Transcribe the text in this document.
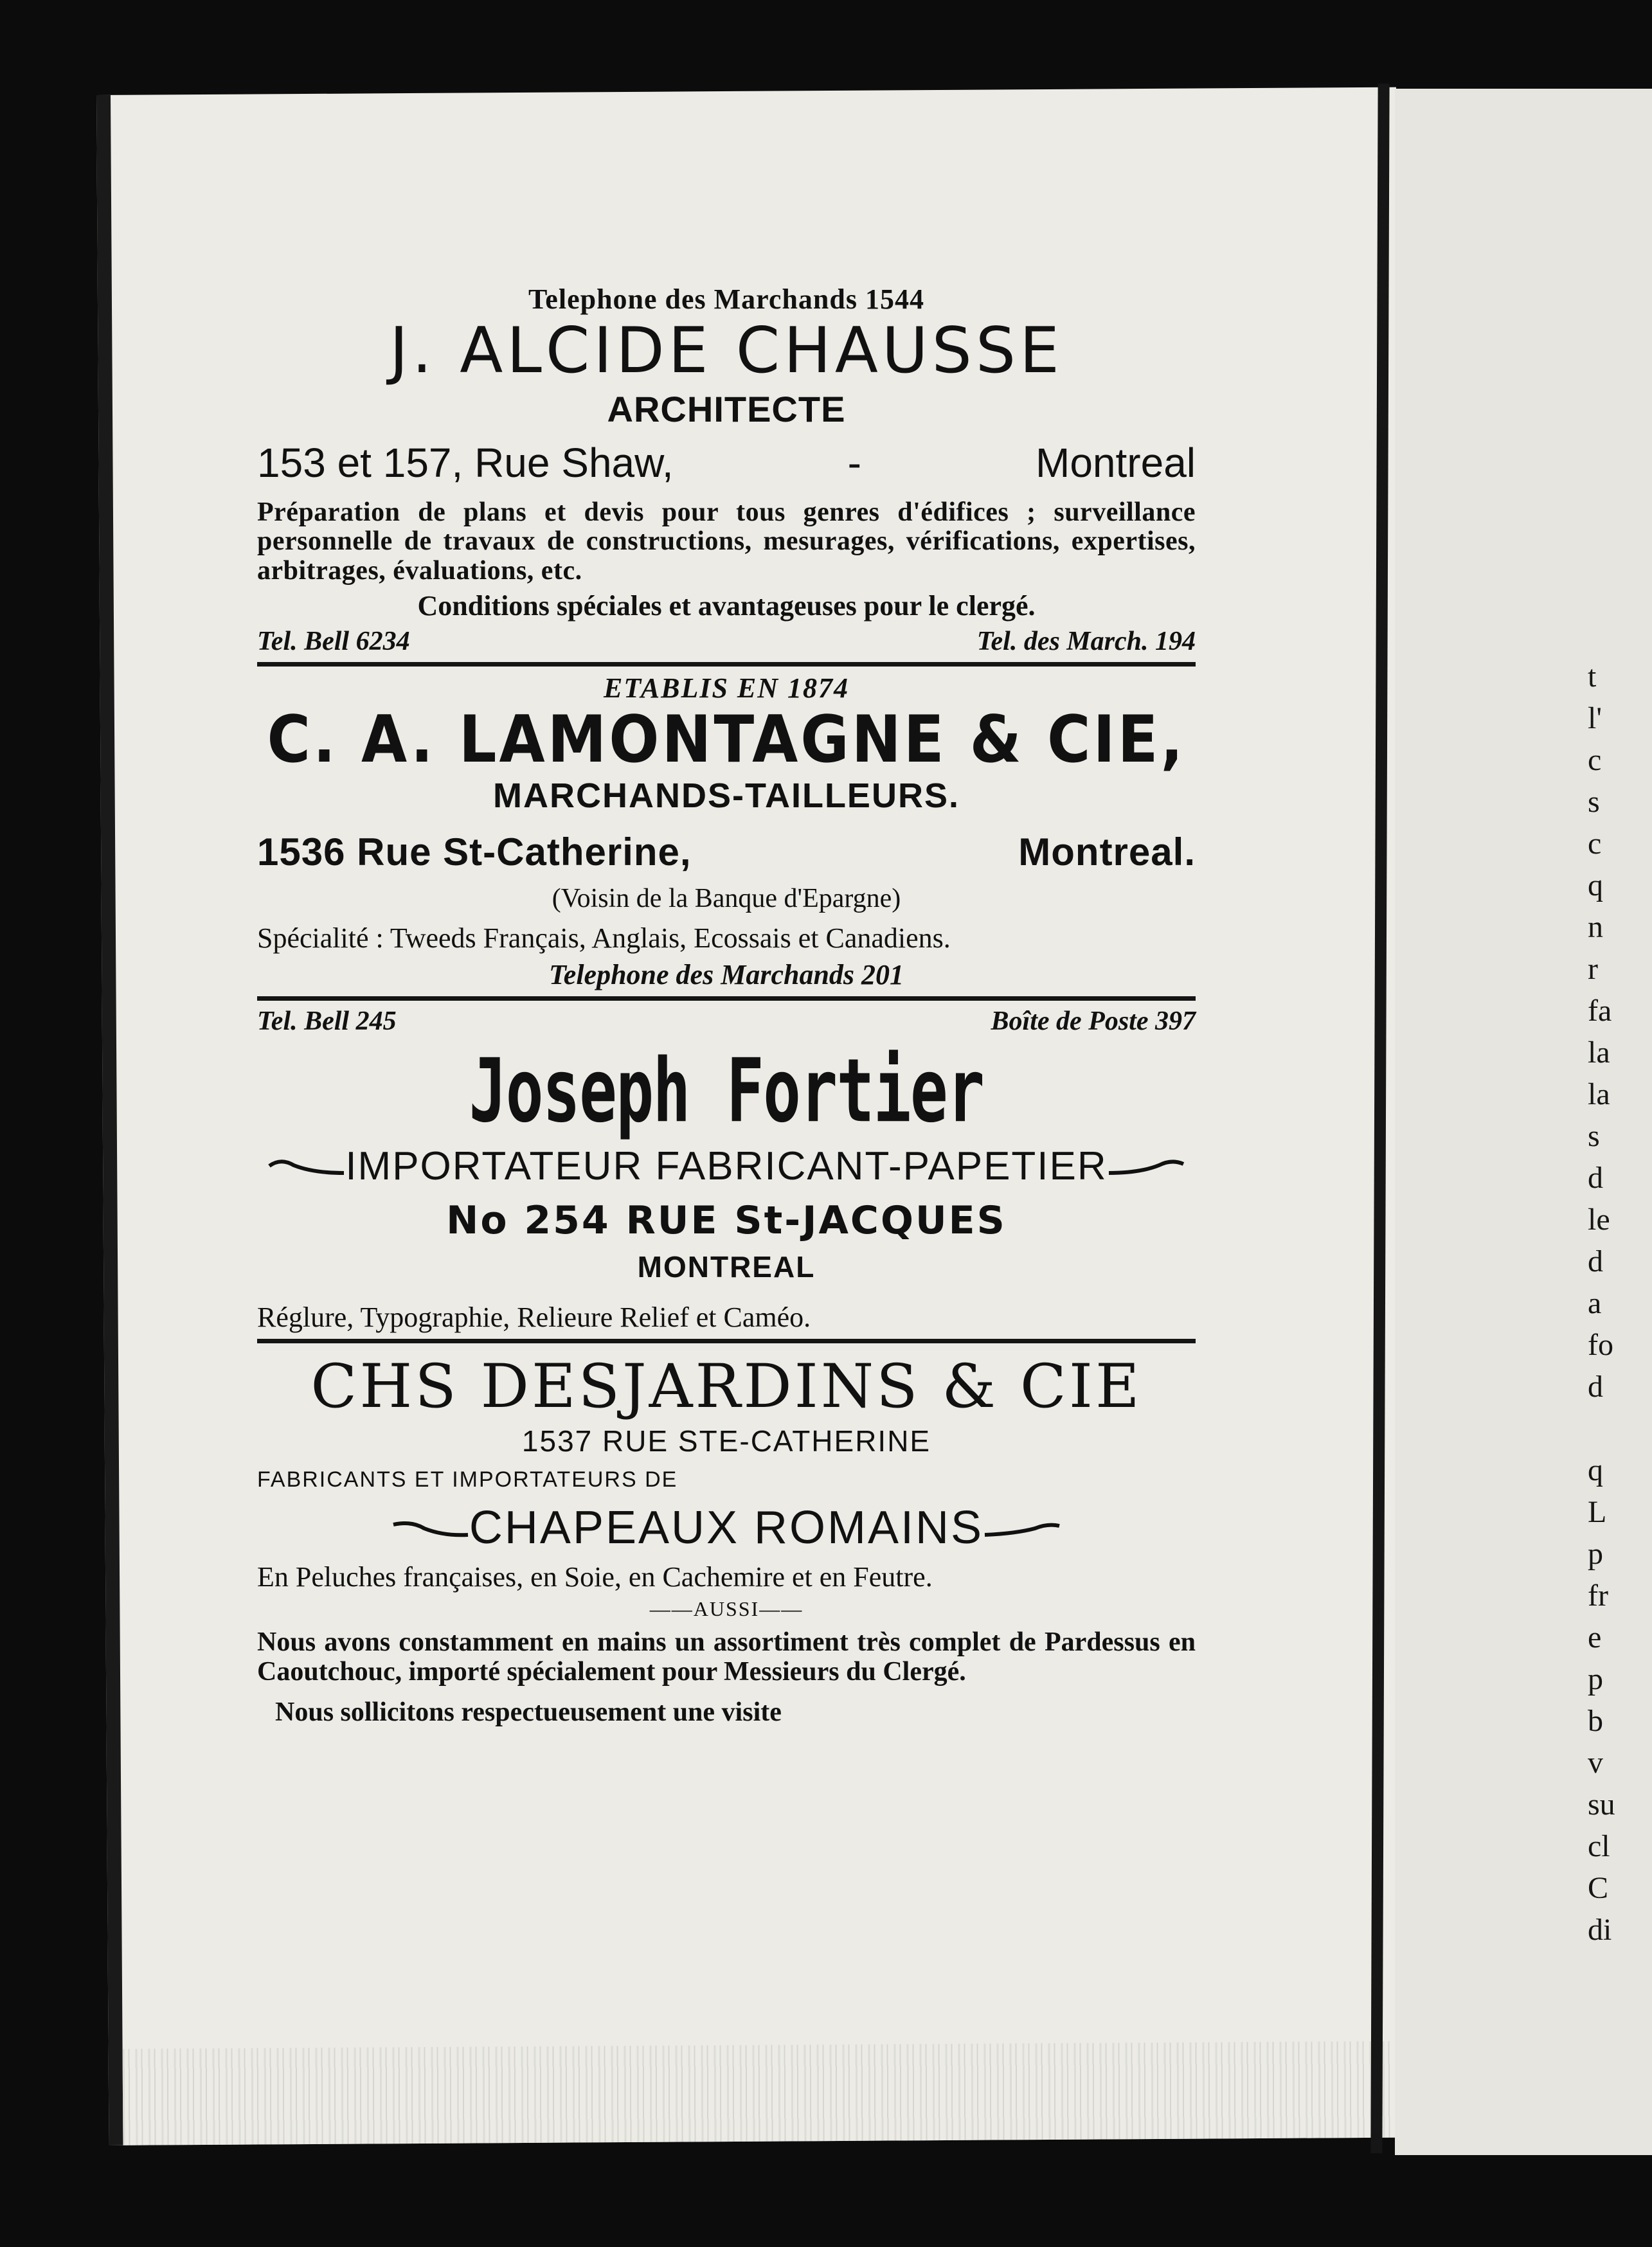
t
l'
c
s
c
q
n
r
fa
la
la
s
d
le
d
a
fo
d
q
L
p
fr
e
p
b
v
su
cl
C
di
Telephone des Marchands 1544
J. ALCIDE CHAUSSE
ARCHITECTE
153 et 157, Rue Shaw,	-	Montreal
Préparation de plans et devis pour tous genres d'édifices ; surveillance personnelle de travaux de constructions, mesurages, vérifications, expertises, arbitrages, évaluations, etc.
Conditions spéciales et avantageuses pour le clergé.
Tel. Bell 6234	Tel. des March. 194
ETABLIS EN 1874
C. A. LAMONTAGNE & CIE,
MARCHANDS-TAILLEURS.
1536 Rue St-Catherine,	Montreal.
(Voisin de la Banque d'Epargne)
Spécialité : Tweeds Français, Anglais, Ecossais et Canadiens.
Telephone des Marchands 201
Tel. Bell 245	Boîte de Poste 397
Joseph Fortier
IMPORTATEUR FABRICANT-PAPETIER
No 254 RUE St-JACQUES
MONTREAL
Réglure, Typographie, Relieure Relief et Caméo.
CHS DESJARDINS & CIE
1537 RUE STE-CATHERINE
FABRICANTS ET IMPORTATEURS DE
CHAPEAUX ROMAINS
En Peluches françaises, en Soie, en Cachemire et en Feutre.
——AUSSI——
Nous avons constamment en mains un assortiment très complet de Pardessus en Caoutchouc, importé spécialement pour Messieurs du Clergé.
Nous sollicitons respectueusement une visite
